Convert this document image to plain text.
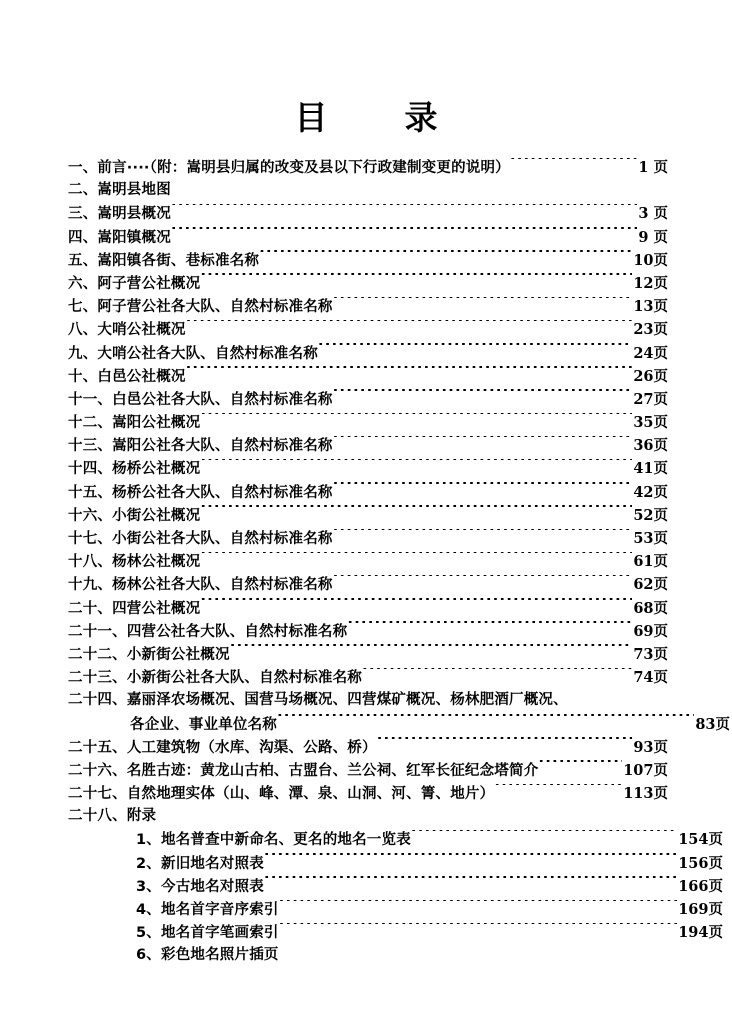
目　录
一、 前言····（附：嵩明县归属的改变及县以下行政建制变更的说明） ·····	1 页
二、 嵩明县地图
三、 嵩明县概况 ·····	3 页
四、 嵩阳镇概况 ·····	9 页
五、 嵩阳镇各街、巷标准名称 ·····	10页
六、 阿子营公社概况 ·····	12页
七、 阿子营公社各大队、自然村标准名称 ·····	13页
八、 大哨公社概况 ·····	23页
九、 大哨公社各大队、自然村标准名称 ·····	24页
十、 白邑公社概况 ·····	26页
十一、 白邑公社各大队、自然村标准名称 ·····	27页
十二、 嵩阳公社概况 ·····	35页
十三、 嵩阳公社各大队、自然村标准名称 ·····	36页
十四、 杨桥公社概况 ·····	41页
十五、 杨桥公社各大队、自然村标准名称 ·····	42页
十六、 小街公社概况 ·····	52页
十七、 小街公社各大队、自然村标准名称 ·····	53页
十八、 杨林公社概况 ·····	61页
十九、 杨林公社各大队、自然村标准名称 ·····	62页
二十、 四营公社概况 ·····	68页
二十一、 四营公社各大队、自然村标准名称 ·····	69页
二十二、 小新街公社概况 ·····	73页
二十三、 小新街公社各大队、自然村标准名称 ·····	74页
二十四、 嘉丽泽农场概况、国营马场概况、四营煤矿概况、杨林肥酒厂概况、
各企业、事业单位名称 ·····	83页
二十五、 人工建筑物（水库、沟渠、公路、桥） ·····	93页
二十六、 名胜古迹：黄龙山古柏、古盟台、兰公祠、红军长征纪念塔简介 ·····	107页
二十七、 自然地理实体（山、峰、潭、泉、山洞、河、箐、地片） ·····	113页
二十八、 附录
1、 地名普查中新命名、更名的地名一览表 ·····	154页
2、 新旧地名对照表 ·····	156页
3、 今古地名对照表 ·····	166页
4、 地名首字音序索引 ·····	169页
5、 地名首字笔画索引 ·····	194页
6、 彩色地名照片插页
